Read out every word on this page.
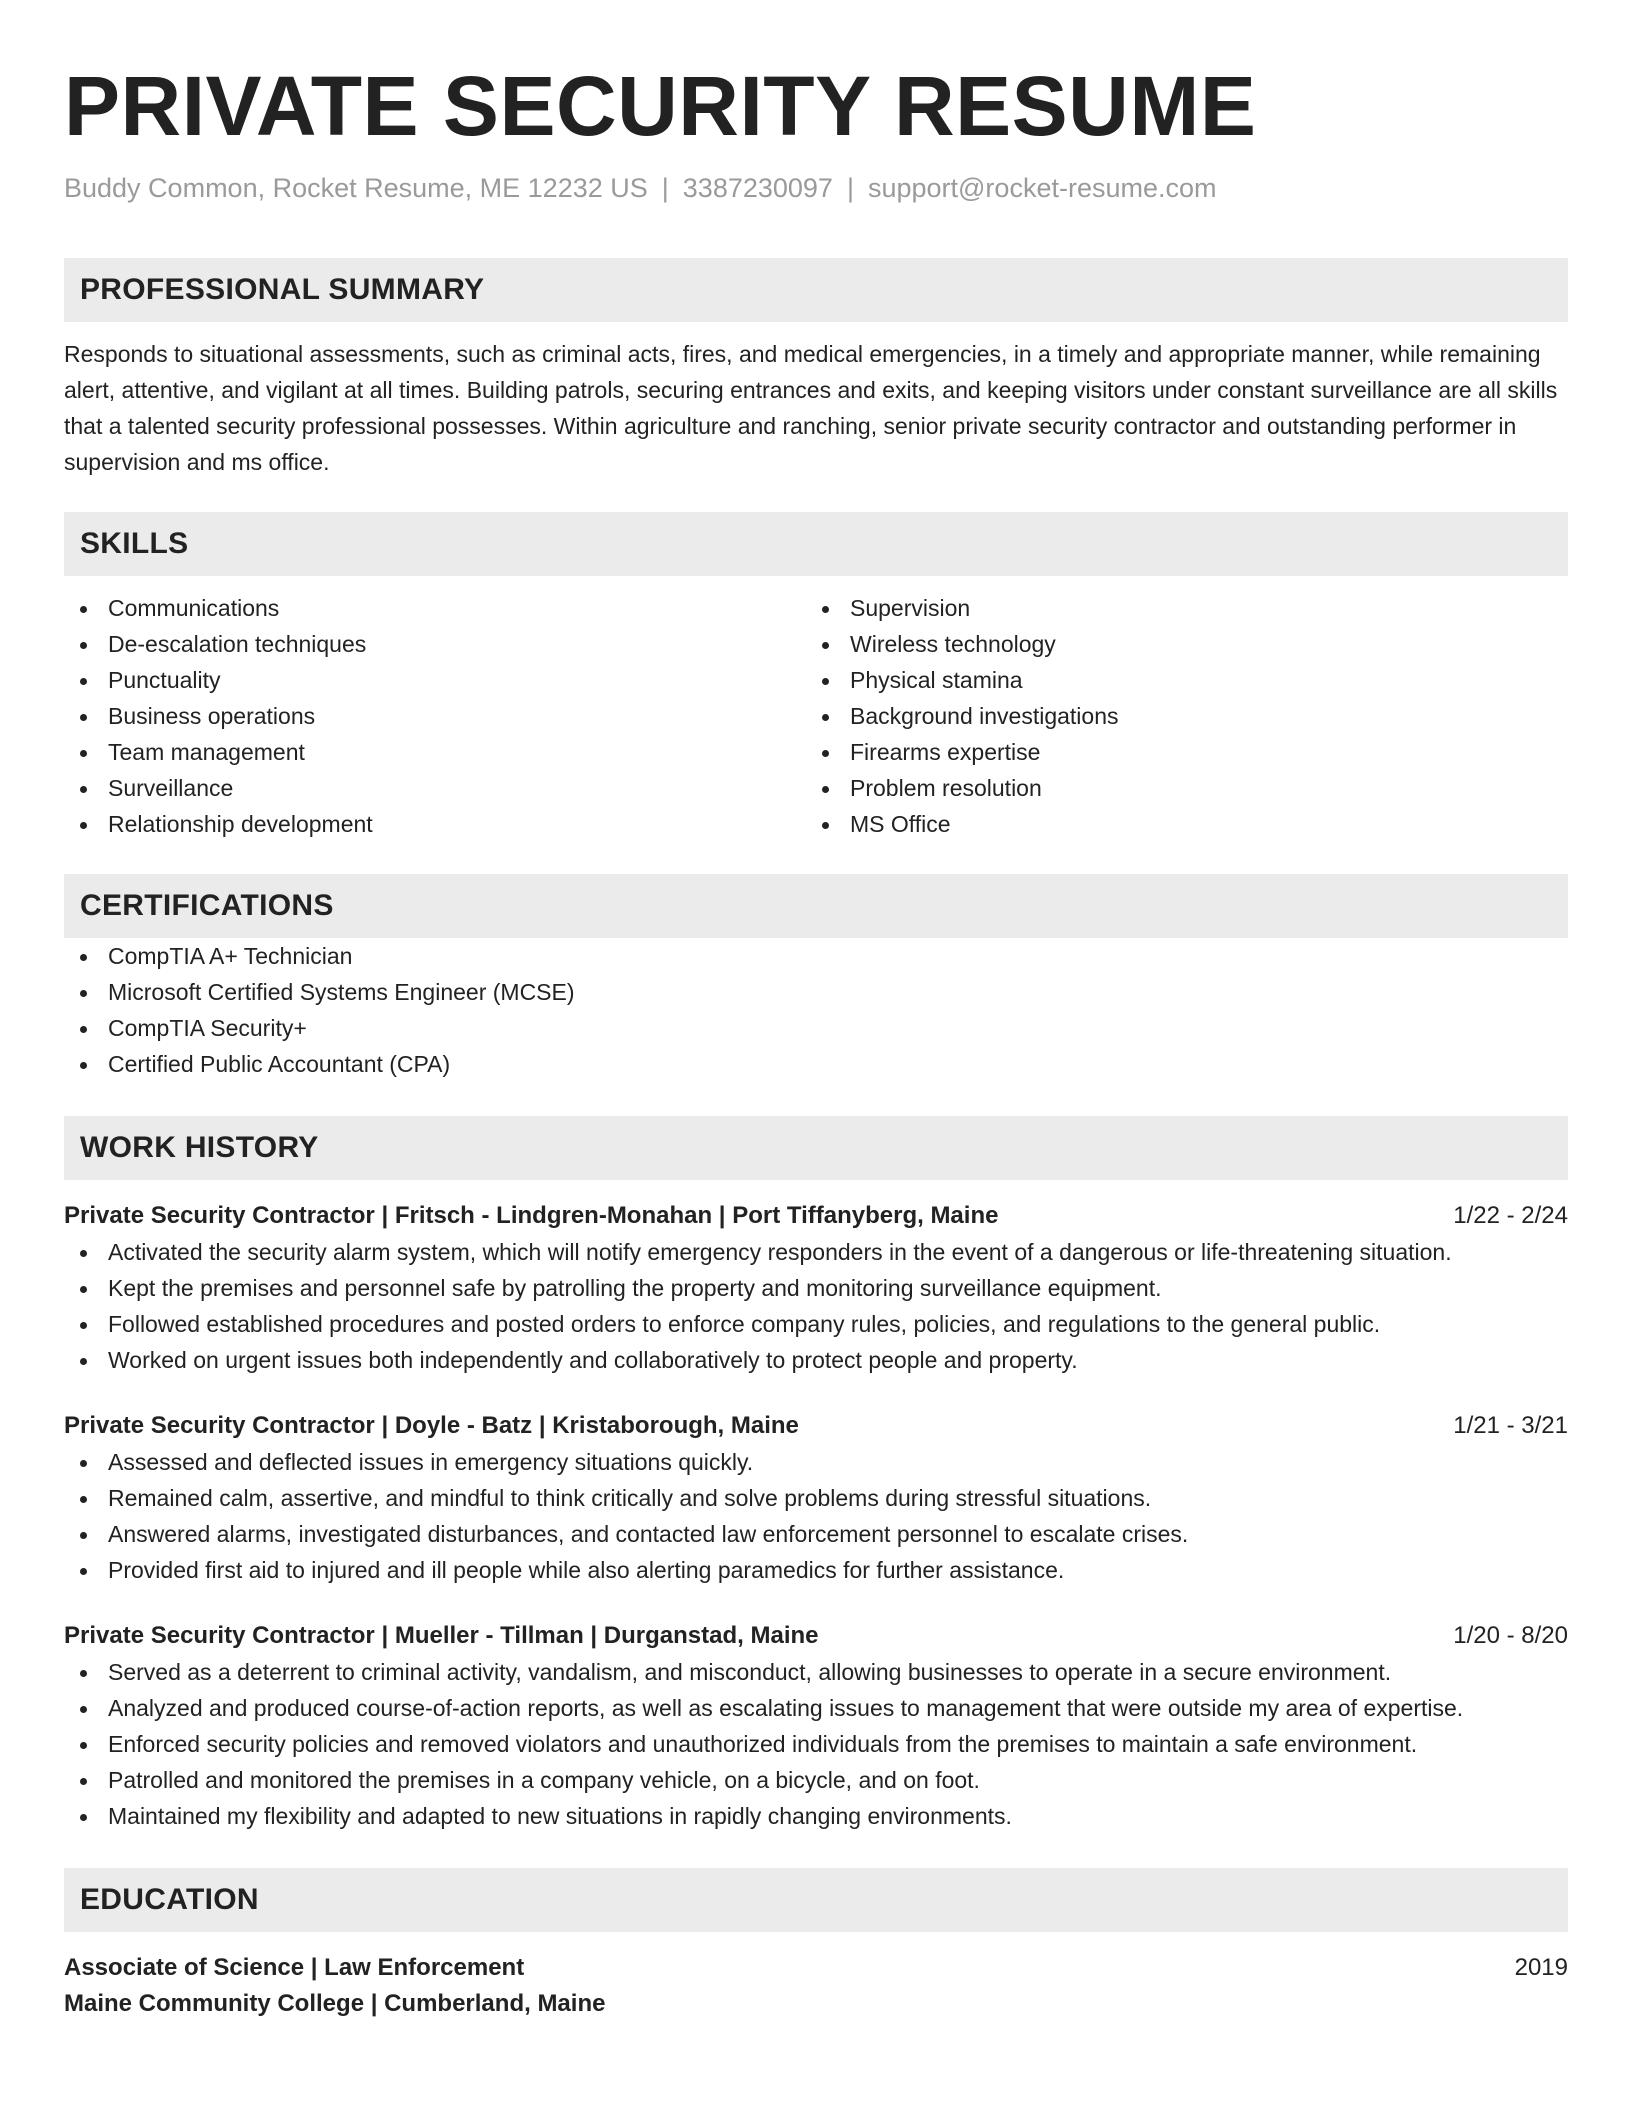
PRIVATE SECURITY RESUME
Buddy Common, Rocket Resume, ME 12232 US | 3387230097 | support@rocket-resume.com
PROFESSIONAL SUMMARY

Responds to situational assessments, such as criminal acts, fires, and medical emergencies, in a timely and appropriate manner, while remaining alert, attentive, and vigilant at all times. Building patrols, securing entrances and exits, and keeping visitors under constant surveillance are all skills that a talented security professional possesses. Within agriculture and ranching, senior private security contractor and outstanding performer in supervision and ms office.

SKILLS
Communications
De-escalation techniques
Punctuality
Business operations
Team management
Surveillance
Relationship development
Supervision
Wireless technology
Physical stamina
Background investigations
Firearms expertise
Problem resolution
MS Office
CERTIFICATIONS
CompTIA A+ Technician
Microsoft Certified Systems Engineer (MCSE)
CompTIA Security+
Certified Public Accountant (CPA)
WORK HISTORY
Private Security Contractor | Fritsch - Lindgren-Monahan | Port Tiffanyberg, Maine	1/22 - 2/24
Activated the security alarm system, which will notify emergency responders in the event of a dangerous or life-threatening situation.
Kept the premises and personnel safe by patrolling the property and monitoring surveillance equipment.
Followed established procedures and posted orders to enforce company rules, policies, and regulations to the general public.
Worked on urgent issues both independently and collaboratively to protect people and property.
Private Security Contractor | Doyle - Batz | Kristaborough, Maine	1/21 - 3/21
Assessed and deflected issues in emergency situations quickly.
Remained calm, assertive, and mindful to think critically and solve problems during stressful situations.
Answered alarms, investigated disturbances, and contacted law enforcement personnel to escalate crises.
Provided first aid to injured and ill people while also alerting paramedics for further assistance.
Private Security Contractor | Mueller - Tillman | Durganstad, Maine	1/20 - 8/20
Served as a deterrent to criminal activity, vandalism, and misconduct, allowing businesses to operate in a secure environment.
Analyzed and produced course-of-action reports, as well as escalating issues to management that were outside my area of expertise.
Enforced security policies and removed violators and unauthorized individuals from the premises to maintain a safe environment.
Patrolled and monitored the premises in a company vehicle, on a bicycle, and on foot.
Maintained my flexibility and adapted to new situations in rapidly changing environments.
EDUCATION
Associate of Science | Law Enforcement	2019
Maine Community College | Cumberland, Maine
